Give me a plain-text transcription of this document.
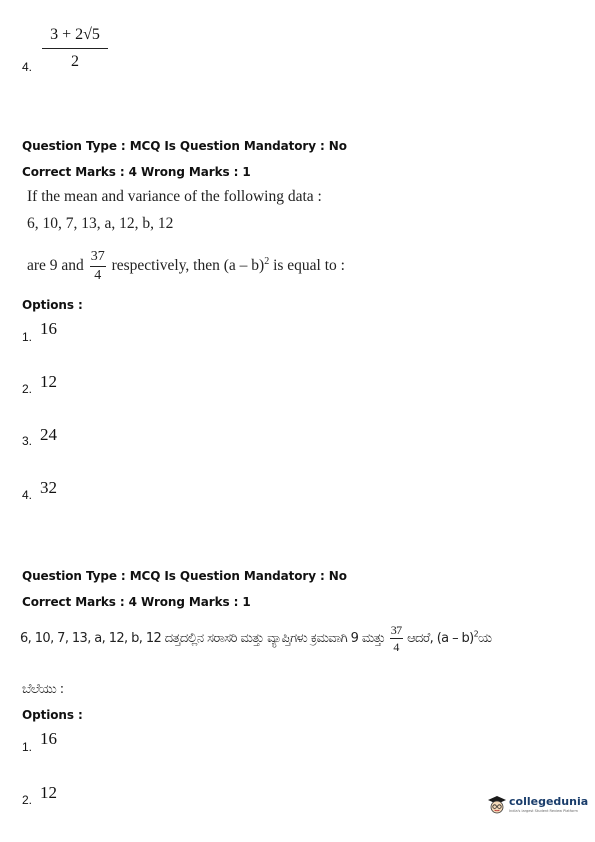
4. $\frac{3 + 2√5}{2}$
Question Type : MCQ Is Question Mandatory : No
Correct Marks : 4 Wrong Marks : 1
If the mean and variance of the following data :
6, 10, 7, 13, a, 12, b, 12
are 9 and $\frac{37}{4}$ respectively, then (a – b)$^2$ is equal to :
Options :
1. 16
2. 12
3. 24
4. 32
Question Type : MCQ Is Question Mandatory : No
Correct Marks : 4 Wrong Marks : 1
6, 10, 7, 13, a, 12, b, 12 ದತ್ತದಲ್ಲಿನ ಸರಾಸರಿ ಮತ್ತು ವ್ಯಾಪ್ತಿಗಳು ಕ್ರಮವಾಗಿ 9 ಮತ್ತು $\frac{37}{4}$ ಆದರೆ, (a – b)$^2$ಯ
ಬೆಲೆಯು :
Options :
1. 16
2. 12	collegedunia
India's largest Student Review Platform
